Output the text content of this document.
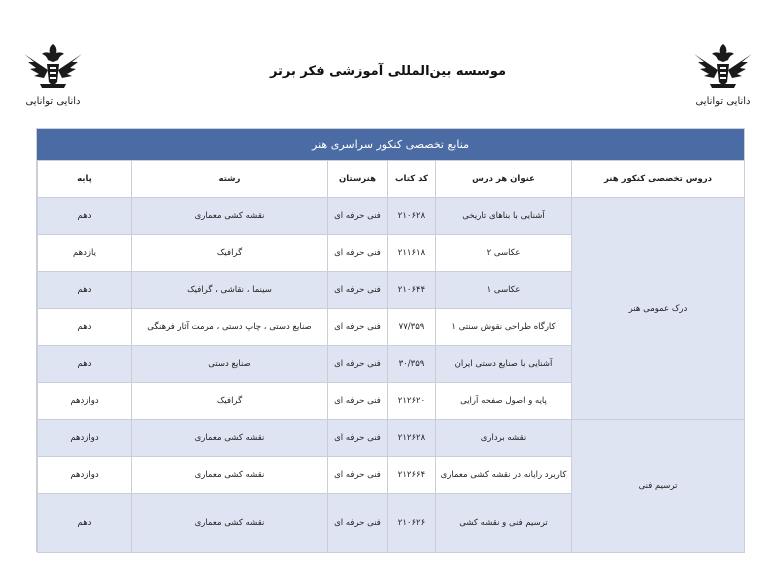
دانایی توانایی	دانایی توانایی
موسسه بین‌المللی آموزشی فکر برتر
منابع تخصصی کنکور سراسری هنر
پایه	رشته	هنرستان	کد کتاب	عنوان هر درس	دروس تخصصی کنکور هنر
دهم	نقشه کشی معماری	فنی حرفه ای	۲۱۰۶۲۸	آشنایی با بناهای تاریخی	درک عمومی هنر
یازدهم	گرافیک	فنی حرفه ای	۲۱۱۶۱۸	عکاسی ۲	
دهم	سینما ، نقاشی ، گرافیک	فنی حرفه ای	۲۱۰۶۴۴	عکاسی ۱	
دهم	صنایع دستی ، چاپ دستی ، مرمت آثار فرهنگی	فنی حرفه ای	۷۷/۳۵۹	کارگاه طراحی نقوش سنتی ۱	
دهم	صنایع دستی	فنی حرفه ای	۳۰/۳۵۹	آشنایی با صنایع دستی ایران	
دوازدهم	گرافیک	فنی حرفه ای	۲۱۲۶۲۰	پایه و اصول صفحه آرایی	
دوازدهم	نقشه کشی معماری	فنی حرفه ای	۲۱۲۶۲۸	نقشه برداری	ترسیم فنی
دوازدهم	نقشه کشی معماری	فنی حرفه ای	۲۱۲۶۶۴	کاربرد رایانه در نقشه کشی معماری	
دهم	نقشه کشی معماری	فنی حرفه ای	۲۱۰۶۲۶	ترسیم فنی و نقشه کشی	
